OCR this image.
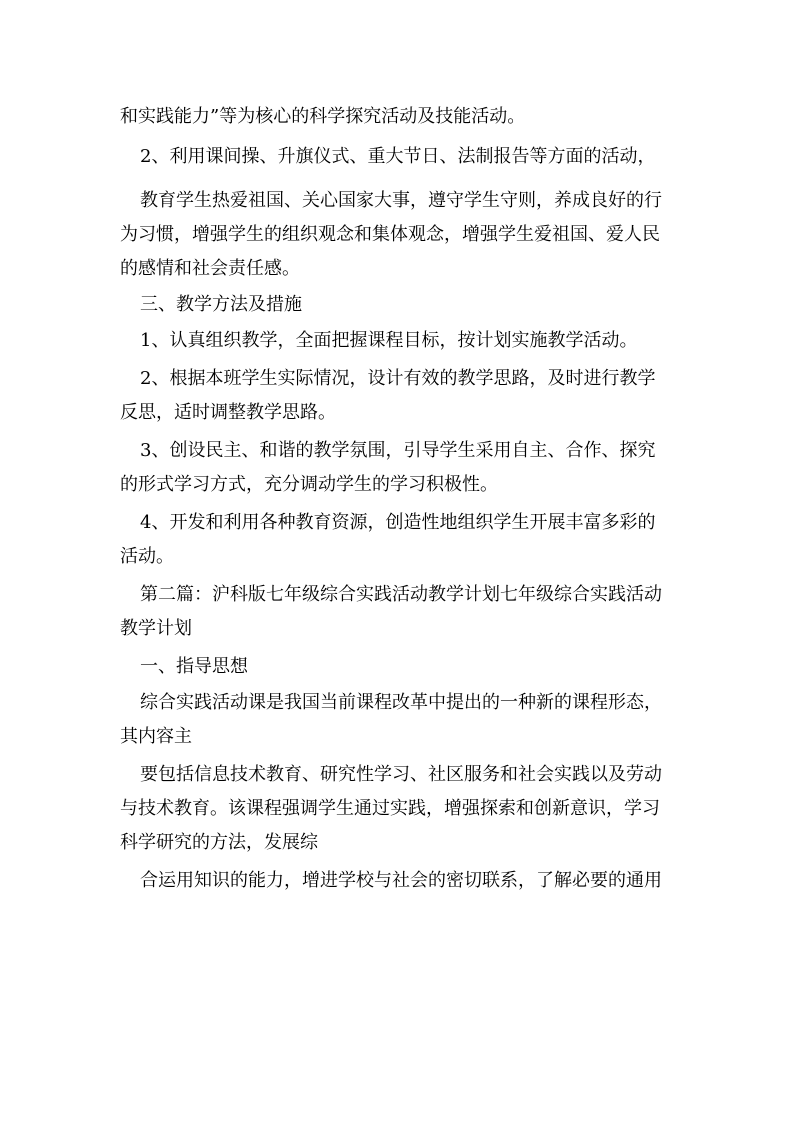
和实践能力”等为核心的科学探究活动及技能活动。
2、利用课间操、升旗仪式、重大节日、法制报告等方面的活动，
教育学生热爱祖国、关心国家大事，遵守学生守则，养成良好的行
为习惯，增强学生的组织观念和集体观念，增强学生爱祖国、爱人民
的感情和社会责任感。
三、教学方法及措施
1、认真组织教学，全面把握课程目标，按计划实施教学活动。
2、根据本班学生实际情况，设计有效的教学思路，及时进行教学
反思，适时调整教学思路。
3、创设民主、和谐的教学氛围，引导学生采用自主、合作、探究
的形式学习方式，充分调动学生的学习积极性。
4、开发和利用各种教育资源，创造性地组织学生开展丰富多彩的
活动。
第二篇：沪科版七年级综合实践活动教学计划七年级综合实践活动
教学计划
一、指导思想
综合实践活动课是我国当前课程改革中提出的一种新的课程形态，
其内容主
要包括信息技术教育、研究性学习、社区服务和社会实践以及劳动
与技术教育。该课程强调学生通过实践，增强探索和创新意识，学习
科学研究的方法，发展综
合运用知识的能力，增进学校与社会的密切联系，了解必要的通用
